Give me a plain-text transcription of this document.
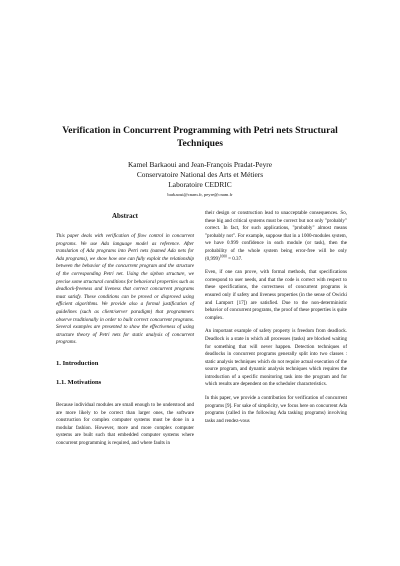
Verification in Concurrent Programming with Petri nets Structural Techniques
Kamel Barkaoui and Jean-François Pradat-Peyre
Conservatoire National des Arts et Métiers
Laboratoire CEDRIC
barkaoui@cnam.fr, peyre@cnam.fr
Abstract

This paper deals with verification of flow control in concurrent programs. We use Ada language model as reference. After translation of Ada programs into Petri nets (named Ada nets for Ada programs), we show how one can fully exploit the relationship between the behavior of the concurrent program and the structure of the corresponding Petri net. Using the siphon structure, we precise some structural conditions for behavioral properties such as deadlock-freeness and liveness that correct concurrent programs must satisfy. These conditions can be proved or disproved using efficient algorithms. We provide also a formal justification of guidelines (such as client/server paradigm) that programmers observe traditionally in order to built correct concurrent programs. Several examples are presented to show the effectiveness of using structure theory of Petri nets for static analysis of concurrent programs.

1. Introduction
1.1. Motivations

Because individual modules are small enough to be understood and are more likely to be correct than larger ones, the software construction for complex computer systems must be done in a modular fashion. However, more and more complex computer systems are built such that embedded computer systems where concurrent programming is required, and where faults in

their design or construction lead to unacceptable consequences. So, these big and critical systems must be correct but not only "probably" correct. In fact, for such applications, "probably" almost means "probably not". For example, suppose that in a 1000-modules system, we have 0.999 confidence in each module (or task), then the probability of the whole system being error-free will be only $(0,999)^{1000} = 0.37$.

Even, if one can prove, with formal methods, that specifications correspond to user needs, and that the code is correct with respect to these specifications, the correctness of concurrent programs is ensured only if safety and liveness properties (in the sense of Owicki and Lamport [17]) are satisfied. Due to the non-deterministic behavior of concurrent programs, the proof of these properties is quite complex.

An important example of safety property is freedom from deadlock. Deadlock is a state in which all processes (tasks) are blocked waiting for something that will never happen. Detection techniques of deadlocks in concurrent programs generally split into two classes : static analysis techniques which do not require actual execution of the source program, and dynamic analysis techniques which requires the introduction of a specific monitoring task into the program and for which results are dependent on the scheduler characteristics.

In this paper, we provide a contribution for verification of concurrent programs [9]. For sake of simplicity, we focus here on concurrent Ada programs (called in the following Ada tasking programs) involving tasks and rendez-vous
